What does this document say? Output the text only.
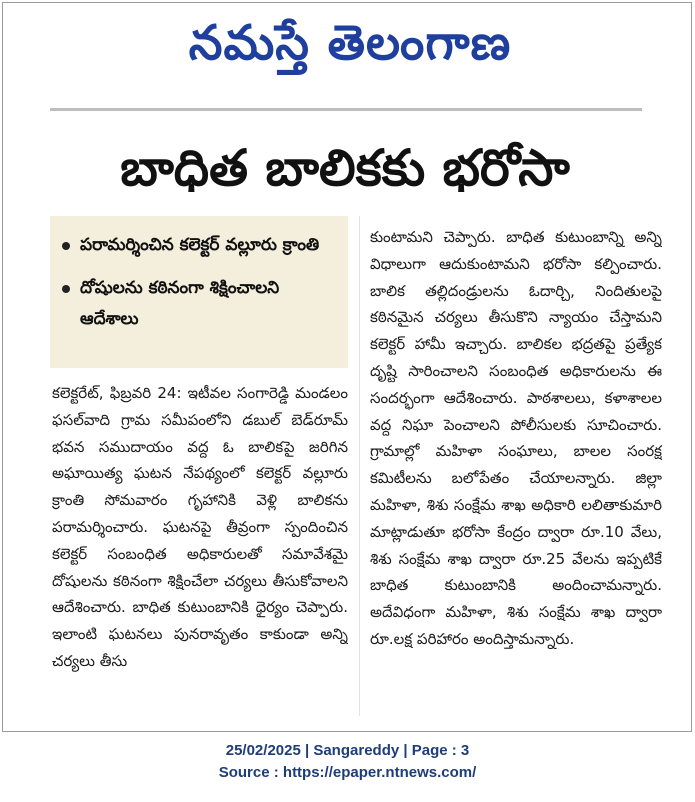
నమస్తే తెలంగాణ
బాధిత బాలికకు భరోసా
పరామర్శించిన కలెక్టర్ వల్లూరు క్రాంతి
దోషులను కఠినంగా శిక్షించాలని ఆదేశాలు
కలెక్టరేట్, ఫిబ్రవరి 24: ఇటీవల సంగారెడ్డి మండలం ఫసల్‌వాది గ్రామ సమీపంలోని డబుల్ బెడ్‌రూమ్ భవన సముదాయం వద్ద ఓ బాలికపై జరిగిన అఘాయిత్య ఘటన నేపథ్యంలో కలెక్టర్ వల్లూరు క్రాంతి సోమవారం గృహానికి వెళ్లి బాలికను పరామర్శించారు. ఘటనపై తీవ్రంగా స్పందించిన కలెక్టర్ సంబంధిత అధికారులతో సమావేశమై దోషులను కఠినంగా శిక్షించేలా చర్యలు తీసుకోవాలని ఆదేశించారు. బాధిత కుటుంబానికి ధైర్యం చెప్పారు. ఇలాంటి ఘటనలు పునరావృతం కాకుండా అన్ని చర్యలు తీసు
కుంటామని చెప్పారు. బాధిత కుటుంబాన్ని అన్ని విధాలుగా ఆదుకుంటామని భరోసా కల్పించారు. బాలిక తల్లిదండ్రులను ఓదార్చి, నిందితులపై కఠినమైన చర్యలు తీసుకొని న్యాయం చేస్తామని కలెక్టర్ హామీ ఇచ్చారు. బాలికల భద్రతపై ప్రత్యేక దృష్టి సారించాలని సంబంధిత అధికారులను ఈ సందర్భంగా ఆదేశించారు. పాఠశాలలు, కళాశాలల వద్ద నిఘా పెంచాలని పోలీసులకు సూచించారు. గ్రామాల్లో మహిళా సంఘాలు, బాలల సంరక్ష కమిటీలను బలోపేతం చేయాలన్నారు. జిల్లా మహిళా, శిశు సంక్షేమ శాఖ అధికారి లలితాకుమారి మాట్లాడుతూ భరోసా కేంద్రం ద్వారా రూ.10 వేలు, శిశు సంక్షేమ శాఖ ద్వారా రూ.25 వేలను ఇప్పటికే బాధిత కుటుంబానికి అందించామన్నారు. అదేవిధంగా మహిళా, శిశు సంక్షేమ శాఖ ద్వారా రూ.లక్ష పరిహారం అందిస్తామన్నారు.
25/02/2025 | Sangareddy | Page : 3
Source : https://epaper.ntnews.com/
